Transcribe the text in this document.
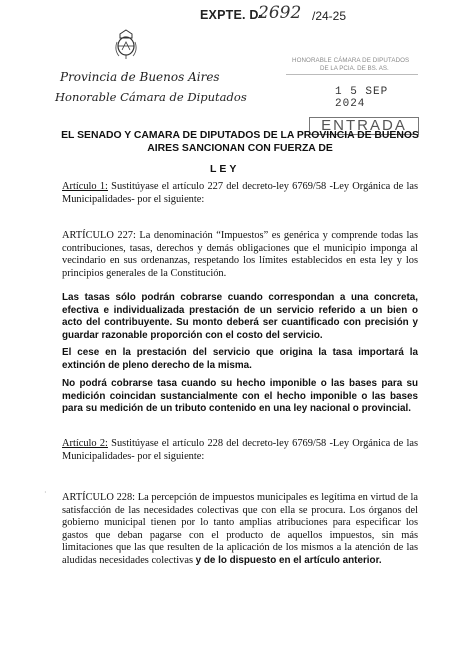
EXPTE. D-
2692 /24-25
Provincia de Buenos Aires
Honorable Cámara de Diputados
HONORABLE CÁMARA DE DIPUTADOS
DE LA PCIA. DE BS. AS.
1 5 SEP 2024
ENTRADA
EL SENADO Y CAMARA DE DIPUTADOS DE LA PROVINCIA DE BUENOS
AIRES SANCIONAN CON FUERZA DE
LEY
Artículo 1: Sustitúyase el artículo 227 del decreto-ley 6769/58 -Ley Orgánica de las Municipalidades- por el siguiente:
ARTÍCULO 227: La denominación “Impuestos” es genérica y comprende todas las contribuciones, tasas, derechos y demás obligaciones que el municipio imponga al vecindario en sus ordenanzas, respetando los límites establecidos en esta ley y los principios generales de la Constitución.
Las tasas sólo podrán cobrarse cuando correspondan a una concreta, efectiva e individualizada prestación de un servicio referido a un bien o acto del contribuyente. Su monto deberá ser cuantificado con precisión y guardar razonable proporción con el costo del servicio.
El cese en la prestación del servicio que origina la tasa importará la extinción de pleno derecho de la misma.
No podrá cobrarse tasa cuando su hecho imponible o las bases para su medición coincidan sustancialmente con el hecho imponible o las bases para su medición de un tributo contenido en una ley nacional o provincial.
Artículo 2: Sustitúyase el artículo 228 del decreto-ley 6769/58 -Ley Orgánica de las Municipalidades- por el siguiente:
· ARTÍCULO 228: La percepción de impuestos municipales es legítima en virtud de la satisfacción de las necesidades colectivas que con ella se procura. Los órganos del gobierno municipal tienen por lo tanto amplias atribuciones para especificar los gastos que deban pagarse con el producto de aquellos impuestos, sin más limitaciones que las que resulten de la aplicación de los mismos a la atención de las aludidas necesidades colectivas y de lo dispuesto en el artículo anterior.
